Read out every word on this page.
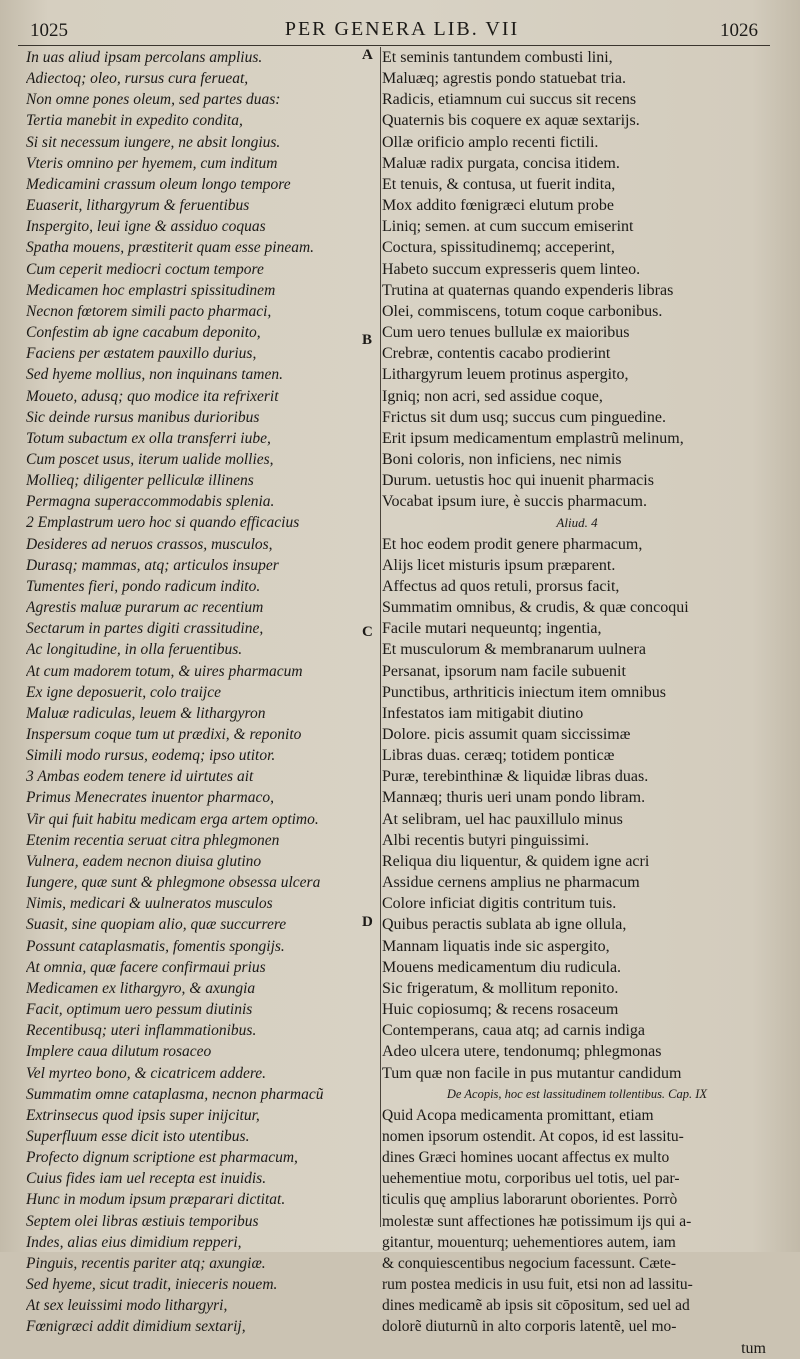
1025	PER GENERA LIB. VII	1026
In uas aliud ipsam percolans amplius.
Adiectoq; oleo, rursus cura ferueat,
Non omne pones oleum, sed partes duas:
Tertia manebit in expedito condita,
Si sit necessum iungere, ne absit longius.
Vteris omnino per hyemem, cum inditum
Medicamini crassum oleum longo tempore
Euaserit, lithargyrum & feruentibus
Inspergito, leui igne & assiduo coquas
Spatha mouens, præstiterit quam esse pineam.
Cum ceperit mediocri coctum tempore
Medicamen hoc emplastri spissitudinem
Necnon fœtorem simili pacto pharmaci,
Confestim ab igne cacabum deponito,
Faciens per æstatem pauxillo durius,
Sed hyeme mollius, non inquinans tamen.
Moueto, adusq; quo modice ita refrixerit
Sic deinde rursus manibus durioribus
Totum subactum ex olla transferri iube,
Cum poscet usus, iterum ualide mollies,
Mollieq; diligenter pelliculæ illinens
Permagna superaccommodabis splenia.
2 Emplastrum uero hoc si quando efficacius
Desideres ad neruos crassos, musculos,
Durasq; mammas, atq; articulos insuper
Tumentes fieri, pondo radicum indito.
Agrestis maluæ purarum ac recentium
Sectarum in partes digiti crassitudine,
Ac longitudine, in olla feruentibus.
At cum madorem totum, & uires pharmacum
Ex igne deposuerit, colo traijce
Maluæ radiculas, leuem & lithargyron
Inspersum coque tum ut prædixi, & reponito
Simili modo rursus, eodemq; ipso utitor.
3 Ambas eodem tenere id uirtutes ait
Primus Menecrates inuentor pharmaco,
Vir qui fuit habitu medicam erga artem optimo.
Etenim recentia seruat citra phlegmonen
Vulnera, eadem necnon diuisa glutino
Iungere, quæ sunt & phlegmone obsessa ulcera
Nimis, medicari & uulneratos musculos
Suasit, sine quopiam alio, quæ succurrere
Possunt cataplasmatis, fomentis spongijs.
At omnia, quæ facere confirmaui prius
Medicamen ex lithargyro, & axungia
Facit, optimum uero pessum diutinis
Recentibusq; uteri inflammationibus.
Implere caua dilutum rosaceo
Vel myrteo bono, & cicatricem addere.
Summatim omne cataplasma, necnon pharmacũ
Extrinsecus quod ipsis super inijcitur,
Superfluum esse dicit isto utentibus.
Profecto dignum scriptione est pharmacum,
Cuius fides iam uel recepta est inuidis.
Hunc in modum ipsum præparari dictitat.
Septem olei libras æstiuis temporibus
Indes, alias eius dimidium repperi,
Pinguis, recentis pariter atq; axungiæ.
Sed hyeme, sicut tradit, inieceris nouem.
At sex leuissimi modo lithargyri,
Fœnigræci addit dimidium sextarij,
Et seminis tantundem combusti lini,
Maluæq; agrestis pondo statuebat tria.
Radicis, etiamnum cui succus sit recens
Quaternis bis coquere ex aquæ sextarijs.
Ollæ orificio amplo recenti fictili.
Maluæ radix purgata, concisa itidem.
Et tenuis, & contusa, ut fuerit indita,
Mox addito fœnigræci elutum probe
Liniq; semen. at cum succum emiserint
Coctura, spissitudinemq; acceperint,
Habeto succum expresseris quem linteo.
Trutina at quaternas quando expenderis libras
Olei, commiscens, totum coque carbonibus.
Cum uero tenues bullulæ ex maioribus
Crebræ, contentis cacabo prodierint
Lithargyrum leuem protinus aspergito,
Igniq; non acri, sed assidue coque,
Frictus sit dum usq; succus cum pinguedine.
Erit ipsum medicamentum emplastrũ melinum,
Boni coloris, non inficiens, nec nimis
Durum. uetustis hoc qui inuenit pharmacis
Vocabat ipsum iure, è succis pharmacum.
Aliud. 4
Et hoc eodem prodit genere pharmacum,
Alijs licet misturis ipsum præparent.
Affectus ad quos retuli, prorsus facit,
Summatim omnibus, & crudis, & quæ concoqui
Facile mutari nequeuntq; ingentia,
Et musculorum & membranarum uulnera
Persanat, ipsorum nam facile subuenit
Punctibus, arthriticis iniectum item omnibus
Infestatos iam mitigabit diutino
Dolore. picis assumit quam siccissimæ
Libras duas. ceræq; totidem ponticæ
Puræ, terebinthinæ & liquidæ libras duas.
Mannæq; thuris ueri unam pondo libram.
At selibram, uel hac pauxillulo minus
Albi recentis butyri pinguissimi.
Reliqua diu liquentur, & quidem igne acri
Assidue cernens amplius ne pharmacum
Colore inficiat digitis contritum tuis.
Quibus peractis sublata ab igne ollula,
Mannam liquatis inde sic aspergito,
Mouens medicamentum diu rudicula.
Sic frigeratum, & mollitum reponito.
Huic copiosumq; & recens rosaceum
Contemperans, caua atq; ad carnis indiga
Adeo ulcera utere, tendonumq; phlegmonas
Tum quæ non facile in pus mutantur candidum
De Acopis, hoc est lassitudinem tollentibus. Cap. IX
Quid Acopa medicamenta promittant, etiam
nomen ipsorum ostendit. At copos, id est lassitu-
dines Græci homines uocant affectus ex multo
uehementiue motu, corporibus uel totis, uel par-
ticulis quę amplius laborarunt oborientes. Porrò
molestæ sunt affectiones hæ potissimum ijs qui a-
gitantur, mouenturq; uehementiores autem, iam
& conquiescentibus negocium facessunt. Cæte-
rum postea medicis in usu fuit, etsi non ad lassitu-
dines medicamẽ ab ipsis sit cōpositum, sed uel ad
dolorẽ diuturnũ in alto corporis latentẽ, uel mo-
tum
A
B
C
D
